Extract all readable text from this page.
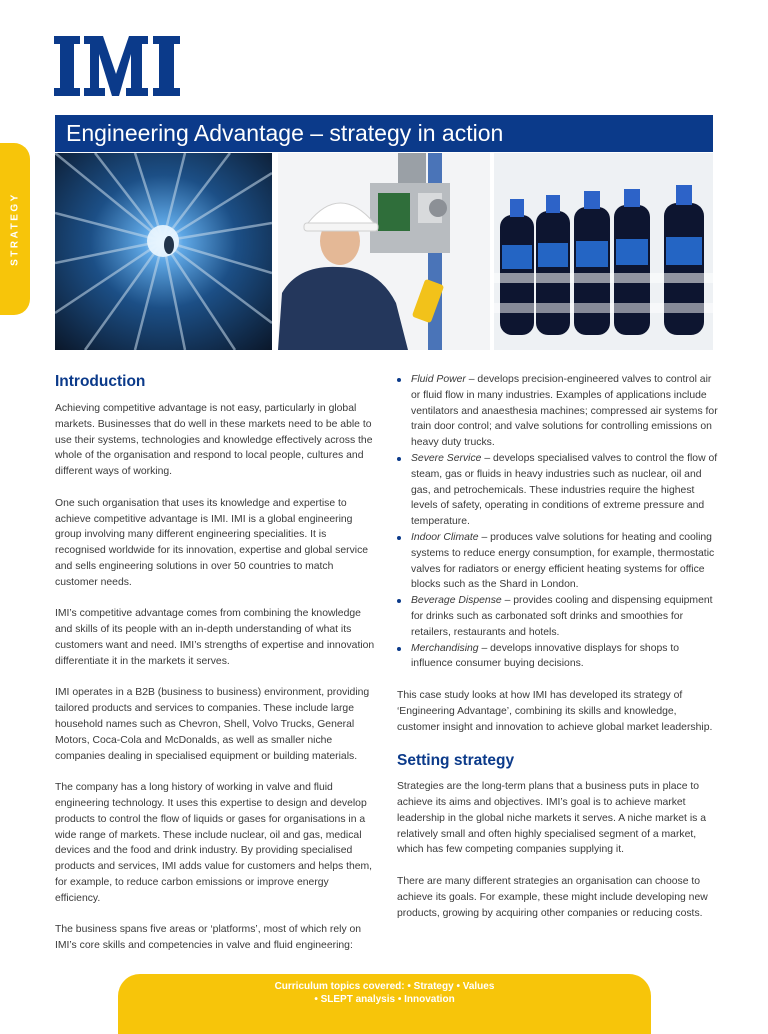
Engineering Advantage – strategy in action
STRATEGY
Introduction

Achieving competitive advantage is not easy, particularly in global markets. Businesses that do well in these markets need to be able to use their systems, technologies and knowledge effectively across the whole of the organisation and respond to local people, cultures and different ways of working.

One such organisation that uses its knowledge and expertise to achieve competitive advantage is IMI. IMI is a global engineering group involving many different engineering specialities. It is recognised worldwide for its innovation, expertise and global service and sells engineering solutions in over 50 countries to match customer needs.

IMI’s competitive advantage comes from combining the knowledge and skills of its people with an in-depth understanding of what its customers want and need. IMI’s strengths of expertise and innovation differentiate it in the markets it serves.

IMI operates in a B2B (business to business) environment, providing tailored products and services to companies. These include large household names such as Chevron, Shell, Volvo Trucks, General Motors, Coca-Cola and McDonalds, as well as smaller niche companies dealing in specialised equipment or building materials.

The company has a long history of working in valve and fluid engineering technology. It uses this expertise to design and develop products to control the flow of liquids or gases for organisations in a wide range of markets. These include nuclear, oil and gas, medical devices and the food and drink industry. By providing specialised products and services, IMI adds value for customers and helps them, for example, to reduce carbon emissions or improve energy efficiency.

The business spans five areas or ‘platforms’, most of which rely on IMI’s core skills and competencies in valve and fluid engineering:

Fluid Power – develops precision-engineered valves to control air or fluid flow in many industries. Examples of applications include ventilators and anaesthesia machines; compressed air systems for train door control; and valve solutions for controlling emissions on heavy duty trucks.
Severe Service – develops specialised valves to control the flow of steam, gas or fluids in heavy industries such as nuclear, oil and gas, and petrochemicals. These industries require the highest levels of safety, operating in conditions of extreme pressure and temperature.
Indoor Climate – produces valve solutions for heating and cooling systems to reduce energy consumption, for example, thermostatic valves for radiators or energy efficient heating systems for office blocks such as the Shard in London.
Beverage Dispense – provides cooling and dispensing equipment for drinks such as carbonated soft drinks and smoothies for retailers, restaurants and hotels.
Merchandising – develops innovative displays for shops to influence consumer buying decisions.

This case study looks at how IMI has developed its strategy of ‘Engineering Advantage’, combining its skills and knowledge, customer insight and innovation to achieve global market leadership.

Setting strategy

Strategies are the long-term plans that a business puts in place to achieve its aims and objectives. IMI’s goal is to achieve market leadership in the global niche markets it serves. A niche market is a relatively small and often highly specialised segment of a market, which has few competing companies supplying it.

There are many different strategies an organisation can choose to achieve its goals. For example, these might include developing new products, growing by acquiring other companies or reducing costs.

Curriculum topics covered: • Strategy • Values
• SLEPT analysis • Innovation
